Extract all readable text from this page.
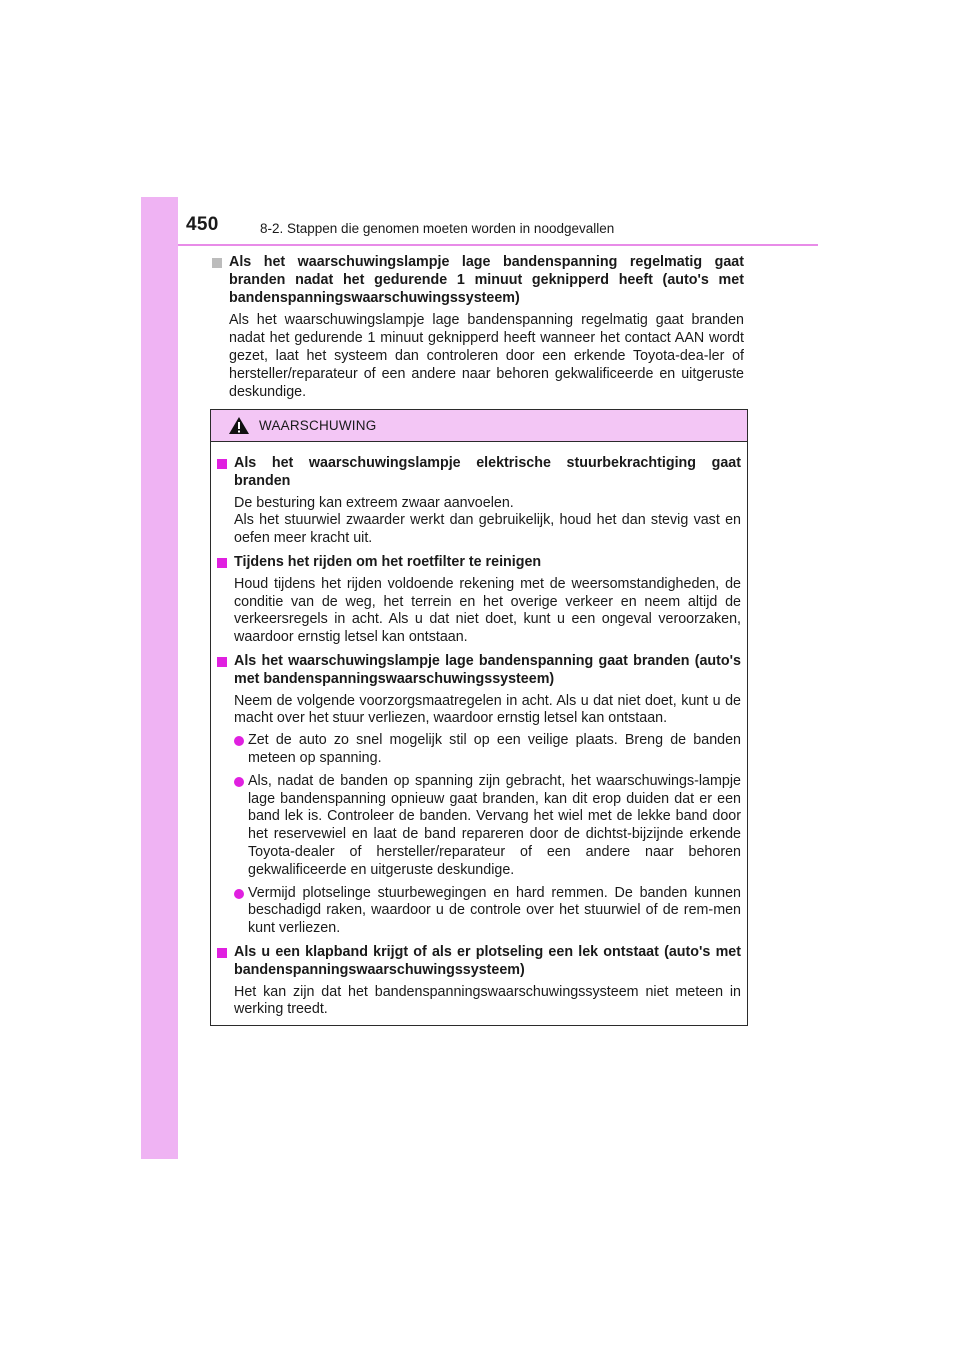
450	8-2. Stappen die genomen moeten worden in noodgevallen
Als het waarschuwingslampje lage bandenspanning regelmatig gaat branden nadat het gedurende 1 minuut geknipperd heeft (auto's met bandenspanningswaarschuwingssysteem)
Als het waarschuwingslampje lage bandenspanning regelmatig gaat branden nadat het gedurende 1 minuut geknipperd heeft wanneer het contact AAN wordt gezet, laat het systeem dan controleren door een erkende Toyota-dea-ler of hersteller/reparateur of een andere naar behoren gekwalificeerde en uitgeruste deskundige.
WAARSCHUWING
Als het waarschuwingslampje elektrische stuurbekrachtiging gaat branden
De besturing kan extreem zwaar aanvoelen.
Als het stuurwiel zwaarder werkt dan gebruikelijk, houd het dan stevig vast en oefen meer kracht uit.
Tijdens het rijden om het roetfilter te reinigen
Houd tijdens het rijden voldoende rekening met de weersomstandigheden, de conditie van de weg, het terrein en het overige verkeer en neem altijd de verkeersregels in acht. Als u dat niet doet, kunt u een ongeval veroorzaken, waardoor ernstig letsel kan ontstaan.
Als het waarschuwingslampje lage bandenspanning gaat branden (auto's met bandenspanningswaarschuwingssysteem)
Neem de volgende voorzorgsmaatregelen in acht. Als u dat niet doet, kunt u de macht over het stuur verliezen, waardoor ernstig letsel kan ontstaan.
Zet de auto zo snel mogelijk stil op een veilige plaats. Breng de banden meteen op spanning.
Als, nadat de banden op spanning zijn gebracht, het waarschuwings-lampje lage bandenspanning opnieuw gaat branden, kan dit erop duiden dat er een band lek is. Controleer de banden. Vervang het wiel met de lekke band door het reservewiel en laat de band repareren door de dichtst-bijzijnde erkende Toyota-dealer of hersteller/reparateur of een andere naar behoren gekwalificeerde en uitgeruste deskundige.
Vermijd plotselinge stuurbewegingen en hard remmen. De banden kunnen beschadigd raken, waardoor u de controle over het stuurwiel of de rem-men kunt verliezen.
Als u een klapband krijgt of als er plotseling een lek ontstaat (auto's met bandenspanningswaarschuwingssysteem)
Het kan zijn dat het bandenspanningswaarschuwingssysteem niet meteen in werking treedt.
